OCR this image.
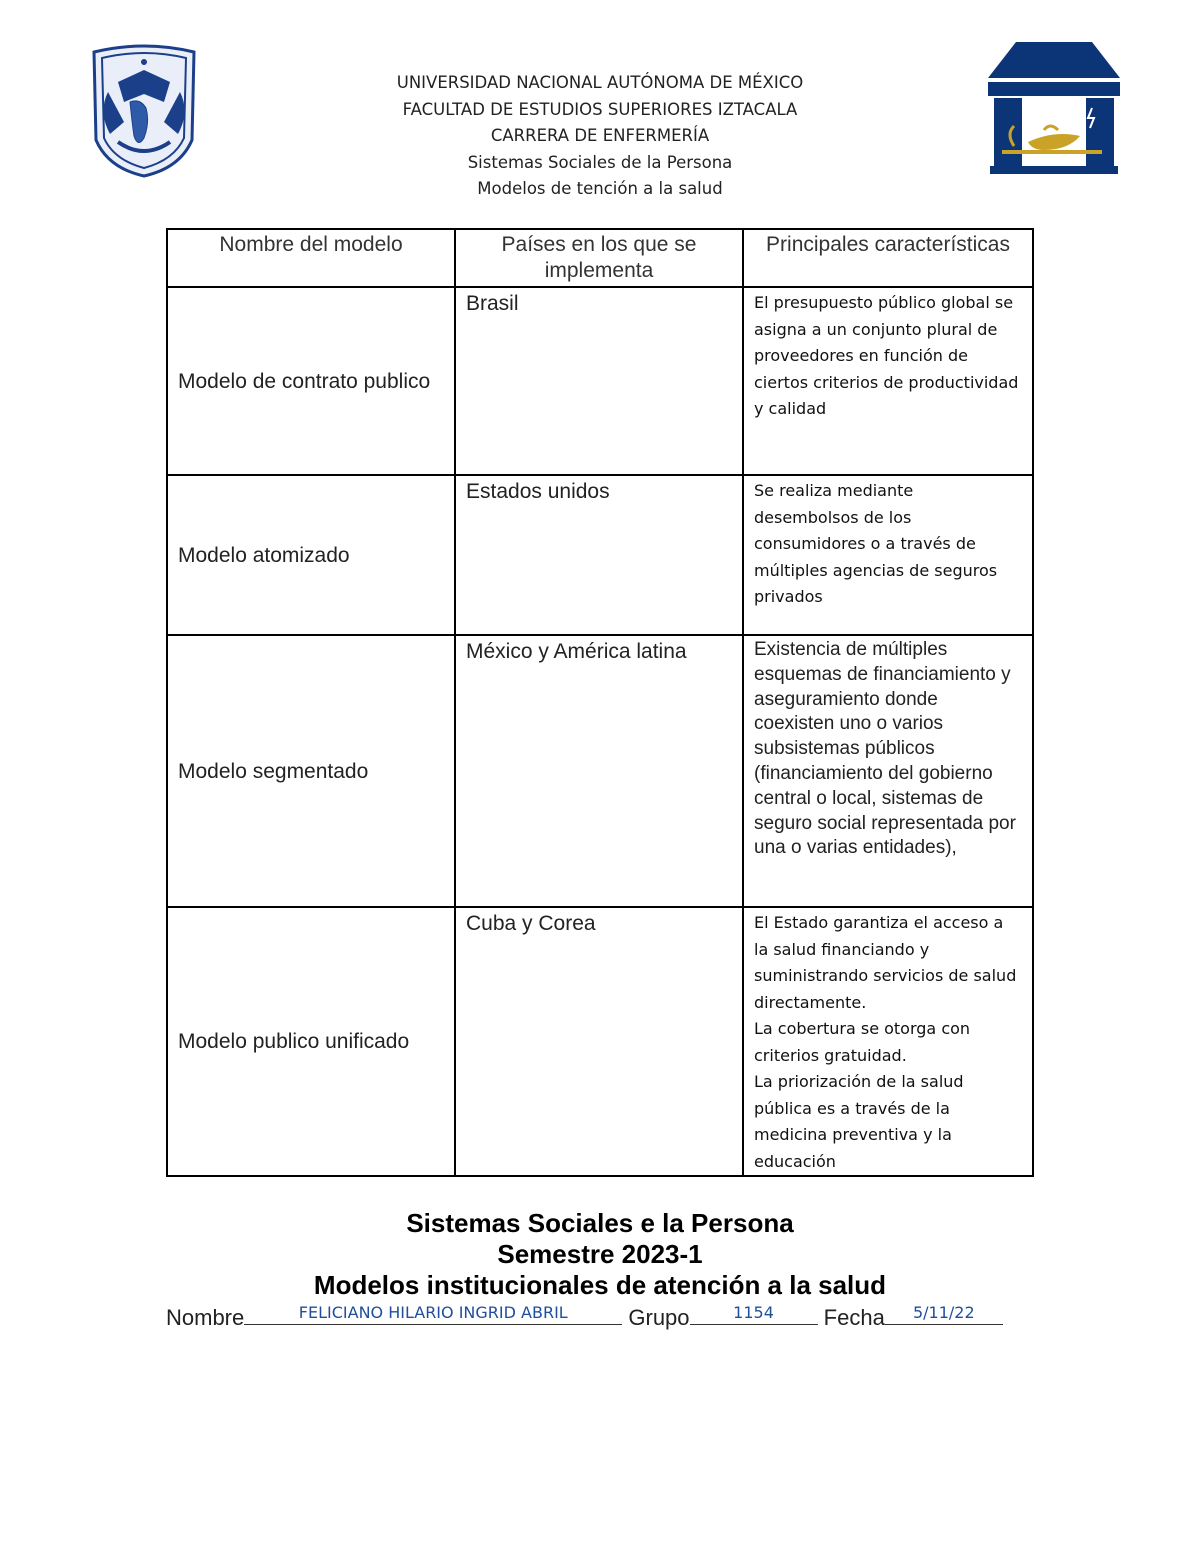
UNIVERSIDAD NACIONAL AUTÓNOMA DE MÉXICO
FACULTAD DE ESTUDIOS SUPERIORES IZTACALA
CARRERA DE ENFERMERÍA
Sistemas Sociales de la Persona
Modelos de tención a la salud
Nombre del modelo	Países en los que se implementa	Principales características
Modelo de contrato publico	Brasil	El presupuesto público global se asigna a un conjunto plural de proveedores en función de ciertos criterios de productividad y calidad
Modelo atomizado	Estados unidos	Se realiza mediante desembolsos de los consumidores o a través de múltiples agencias de seguros privados
Modelo segmentado	México y América latina	Existencia de múltiples esquemas de financiamiento y aseguramiento donde coexisten uno o varios subsistemas públicos (financiamiento del gobierno central o local, sistemas de seguro social representada por una o varias entidades),
Modelo publico unificado	Cuba y Corea	El Estado garantiza el acceso a la salud financiando y suministrando servicios de salud directamente.
La cobertura se otorga con criterios gratuidad.
La priorización de la salud pública es a través de la medicina preventiva y la educación
Sistemas Sociales e la Persona
Semestre 2023-1
Modelos institucionales de atención a la salud
Nombre	FELICIANO HILARIO INGRID ABRIL	Grupo	1154	Fecha	5/11/22
